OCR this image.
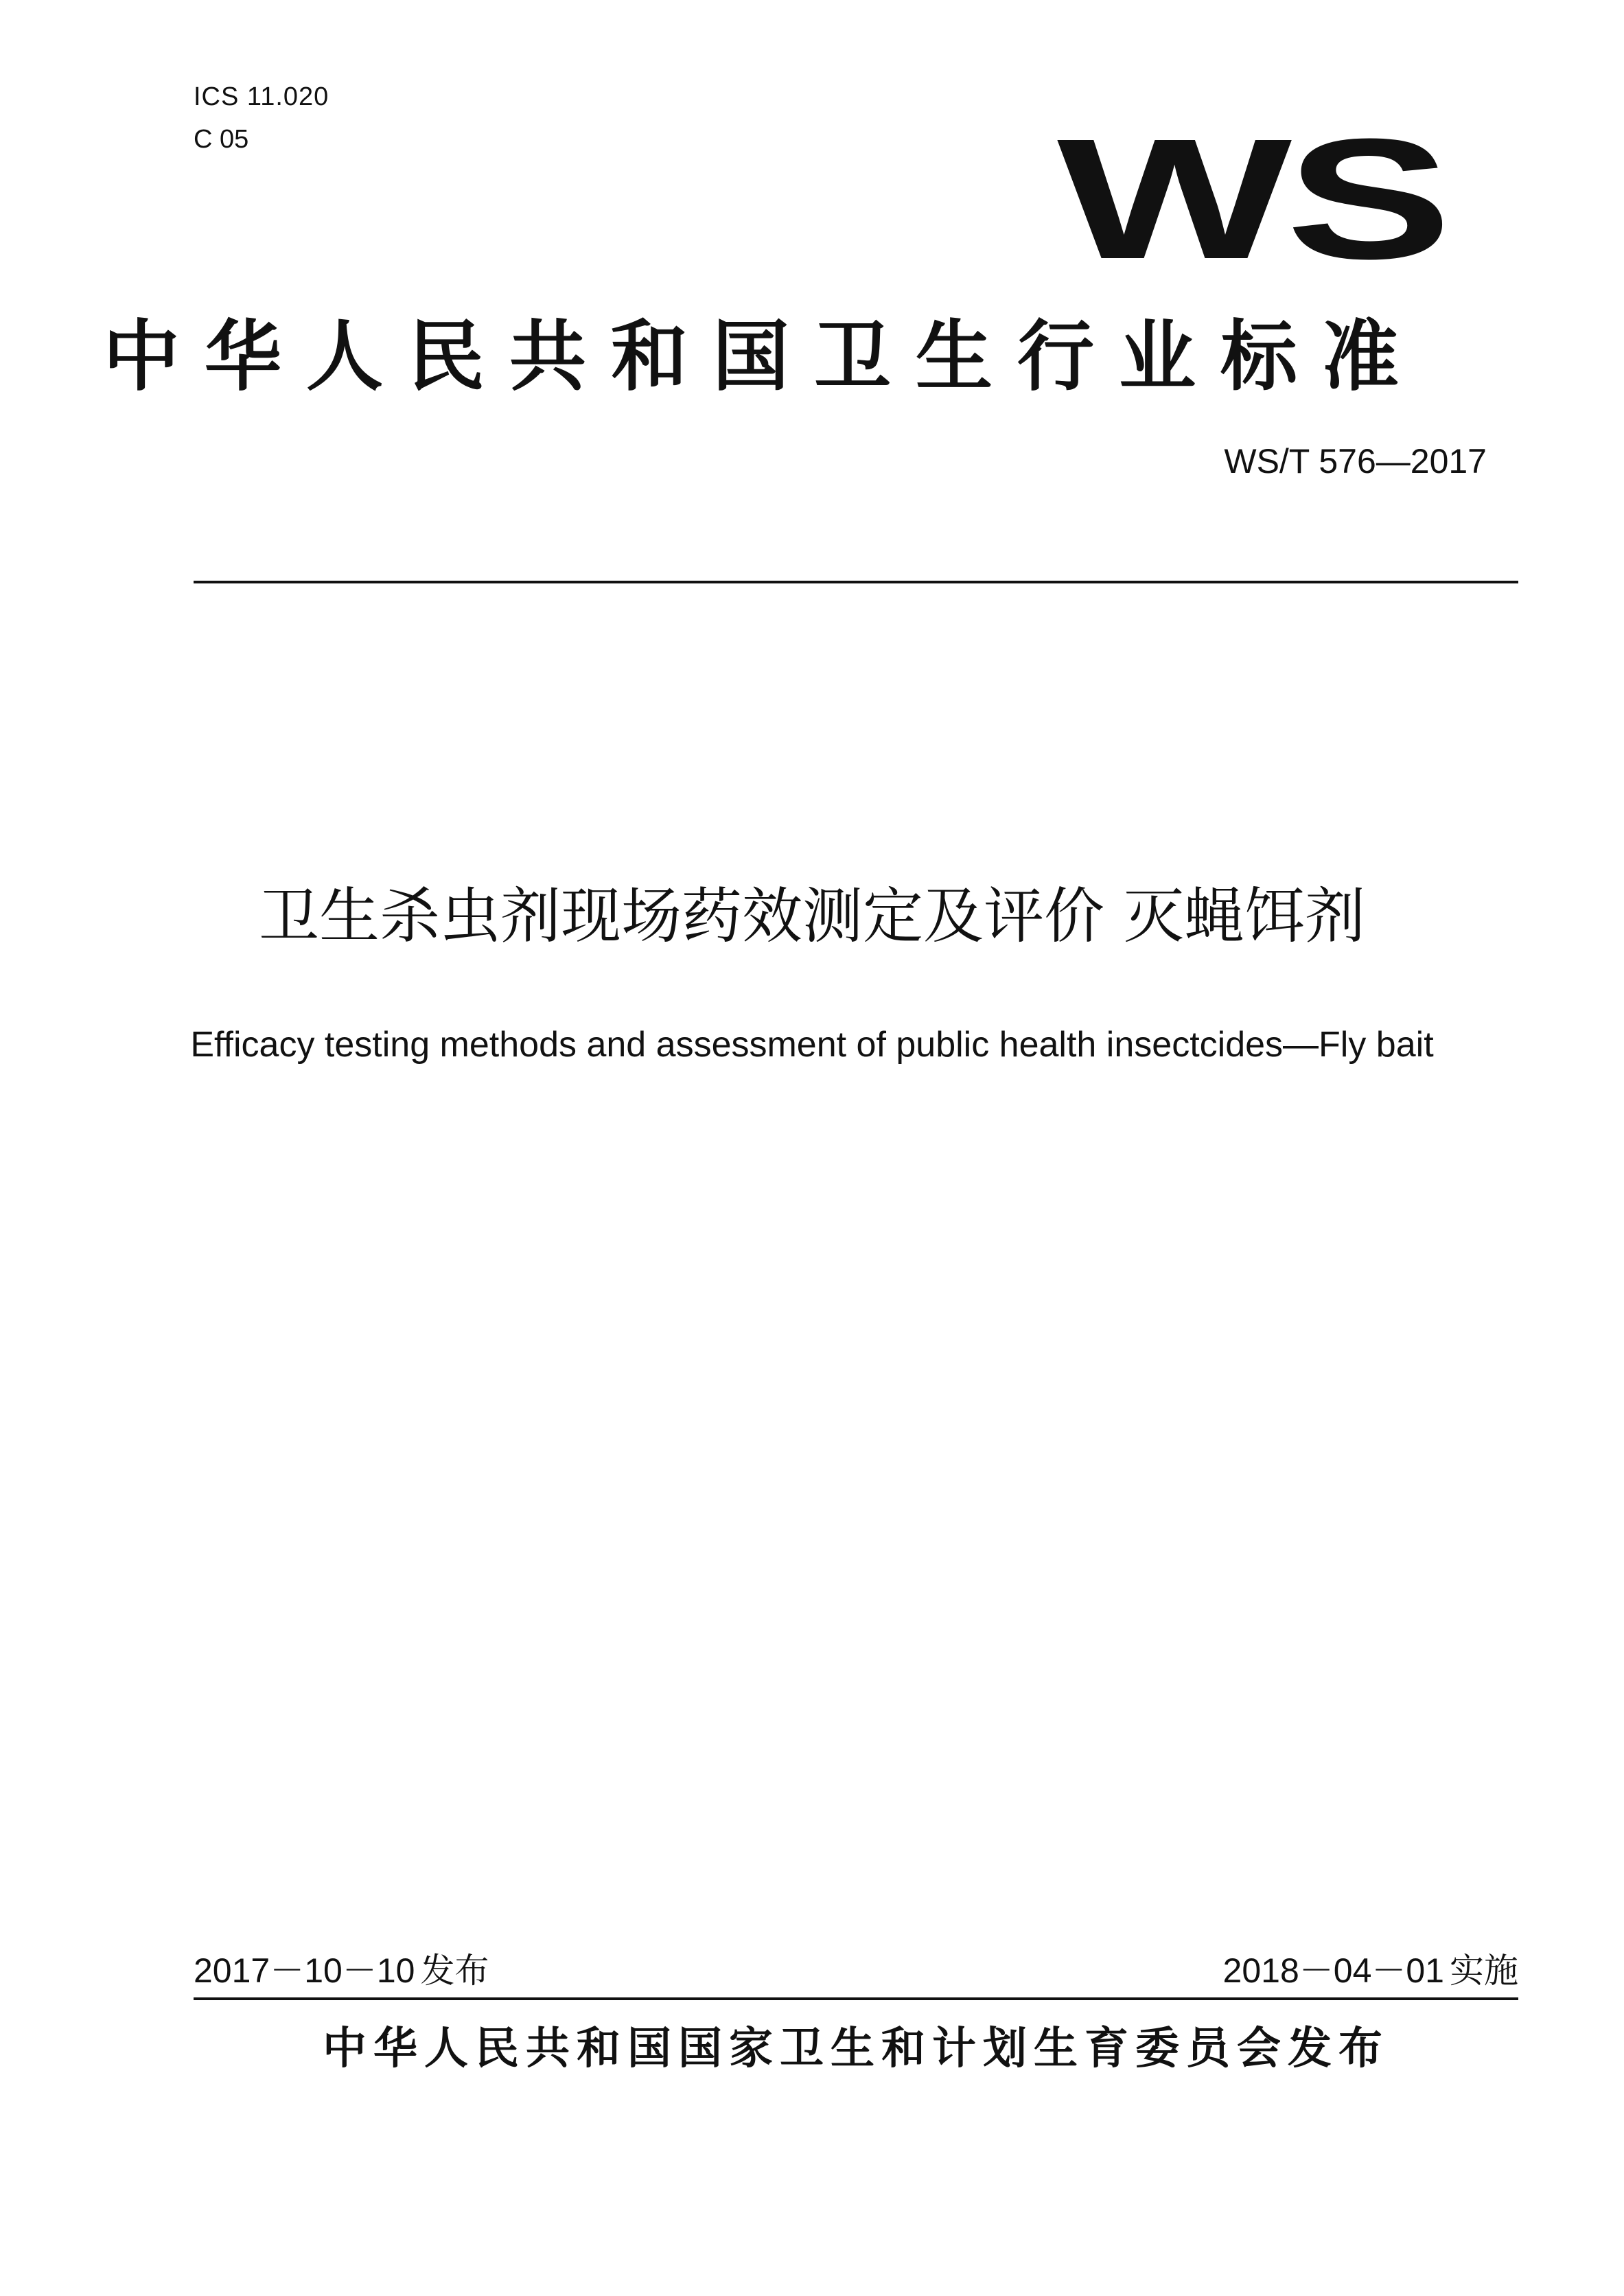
ICS 11.020
C 05	WS
中华人民共和国卫生行业标准
WS/T 576—2017
卫生杀虫剂现场药效测定及评价 灭蝇饵剂
Efficacy testing methods and assessment of public health insectcides—Fly bait
2017－10－10 发布	2018－04－01 实施
中华人民共和国国家卫生和计划生育委员会发布
